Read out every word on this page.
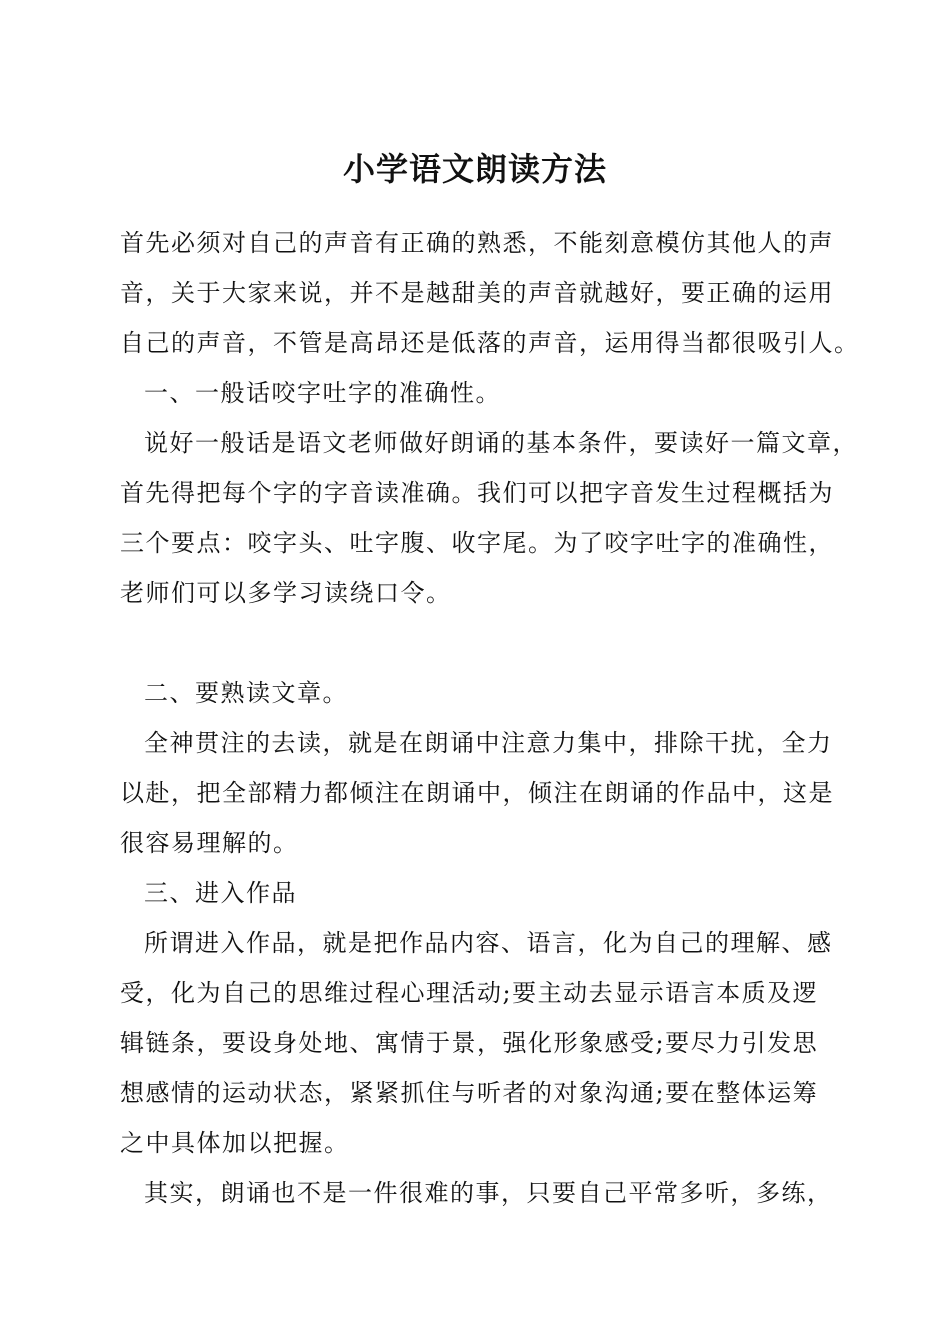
小学语文朗读方法
首先必须对自己的声音有正确的熟悉，不能刻意模仿其他人的声
音，关于大家来说，并不是越甜美的声音就越好，要正确的运用
自己的声音，不管是高昂还是低落的声音，运用得当都很吸引人。
一、一般话咬字吐字的准确性。
说好一般话是语文老师做好朗诵的基本条件，要读好一篇文章，
首先得把每个字的字音读准确。我们可以把字音发生过程概括为
三个要点：咬字头、吐字腹、收字尾。为了咬字吐字的准确性，
老师们可以多学习读绕口令。
二、要熟读文章。
全神贯注的去读，就是在朗诵中注意力集中，排除干扰，全力
以赴，把全部精力都倾注在朗诵中，倾注在朗诵的作品中，这是
很容易理解的。
三、进入作品
所谓进入作品，就是把作品内容、语言，化为自己的理解、感
受，化为自己的思维过程心理活动;要主动去显示语言本质及逻
辑链条，要设身处地、寓情于景，强化形象感受;要尽力引发思
想感情的运动状态，紧紧抓住与听者的对象沟通;要在整体运筹
之中具体加以把握。
其实，朗诵也不是一件很难的事，只要自己平常多听，多练，
